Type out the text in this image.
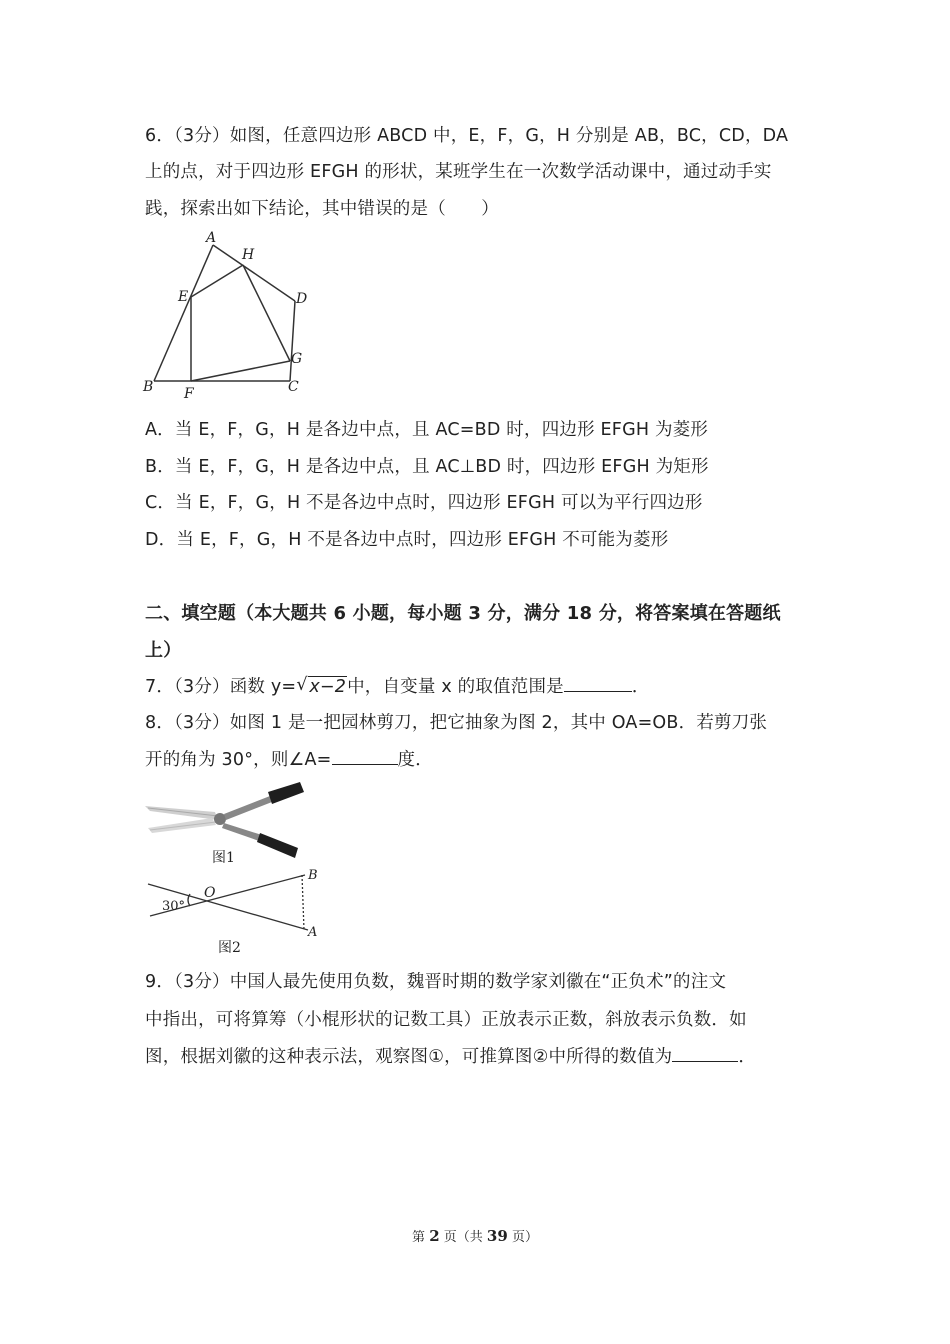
6．（3分）如图，任意四边形 ABCD 中，E，F，G，H 分别是 AB，BC，CD，DA
上的点，对于四边形 EFGH 的形状，某班学生在一次数学活动课中，通过动手实
践，探索出如下结论，其中错误的是（　　）
A
H
E	D
G
B F	C
A．当 E，F，G，H 是各边中点，且 AC=BD 时，四边形 EFGH 为菱形
B．当 E，F，G，H 是各边中点，且 AC⊥BD 时，四边形 EFGH 为矩形
C．当 E，F，G，H 不是各边中点时，四边形 EFGH 可以为平行四边形
D．当 E，F，G，H 不是各边中点时，四边形 EFGH 不可能为菱形
二、填空题（本大题共 6 小题，每小题 3 分，满分 18 分，将答案填在答题纸
上）
7．（3分）函数 y= √ x−2中，自变量 x 的取值范围是	．
8．（3分）如图 1 是一把园林剪刀，把它抽象为图 2，其中 OA=OB．若剪刀张
开的角为 30°，则∠A=	度．
图1
O
B
A
30°
图2
9．（3分）中国人最先使用负数，魏晋时期的数学家刘徽在“正负术”的注文
中指出，可将算筹（小棍形状的记数工具）正放表示正数，斜放表示负数．如
图，根据刘徽的这种表示法，观察图①，可推算图②中所得的数值为	．
第 2 页（共 39 页）
